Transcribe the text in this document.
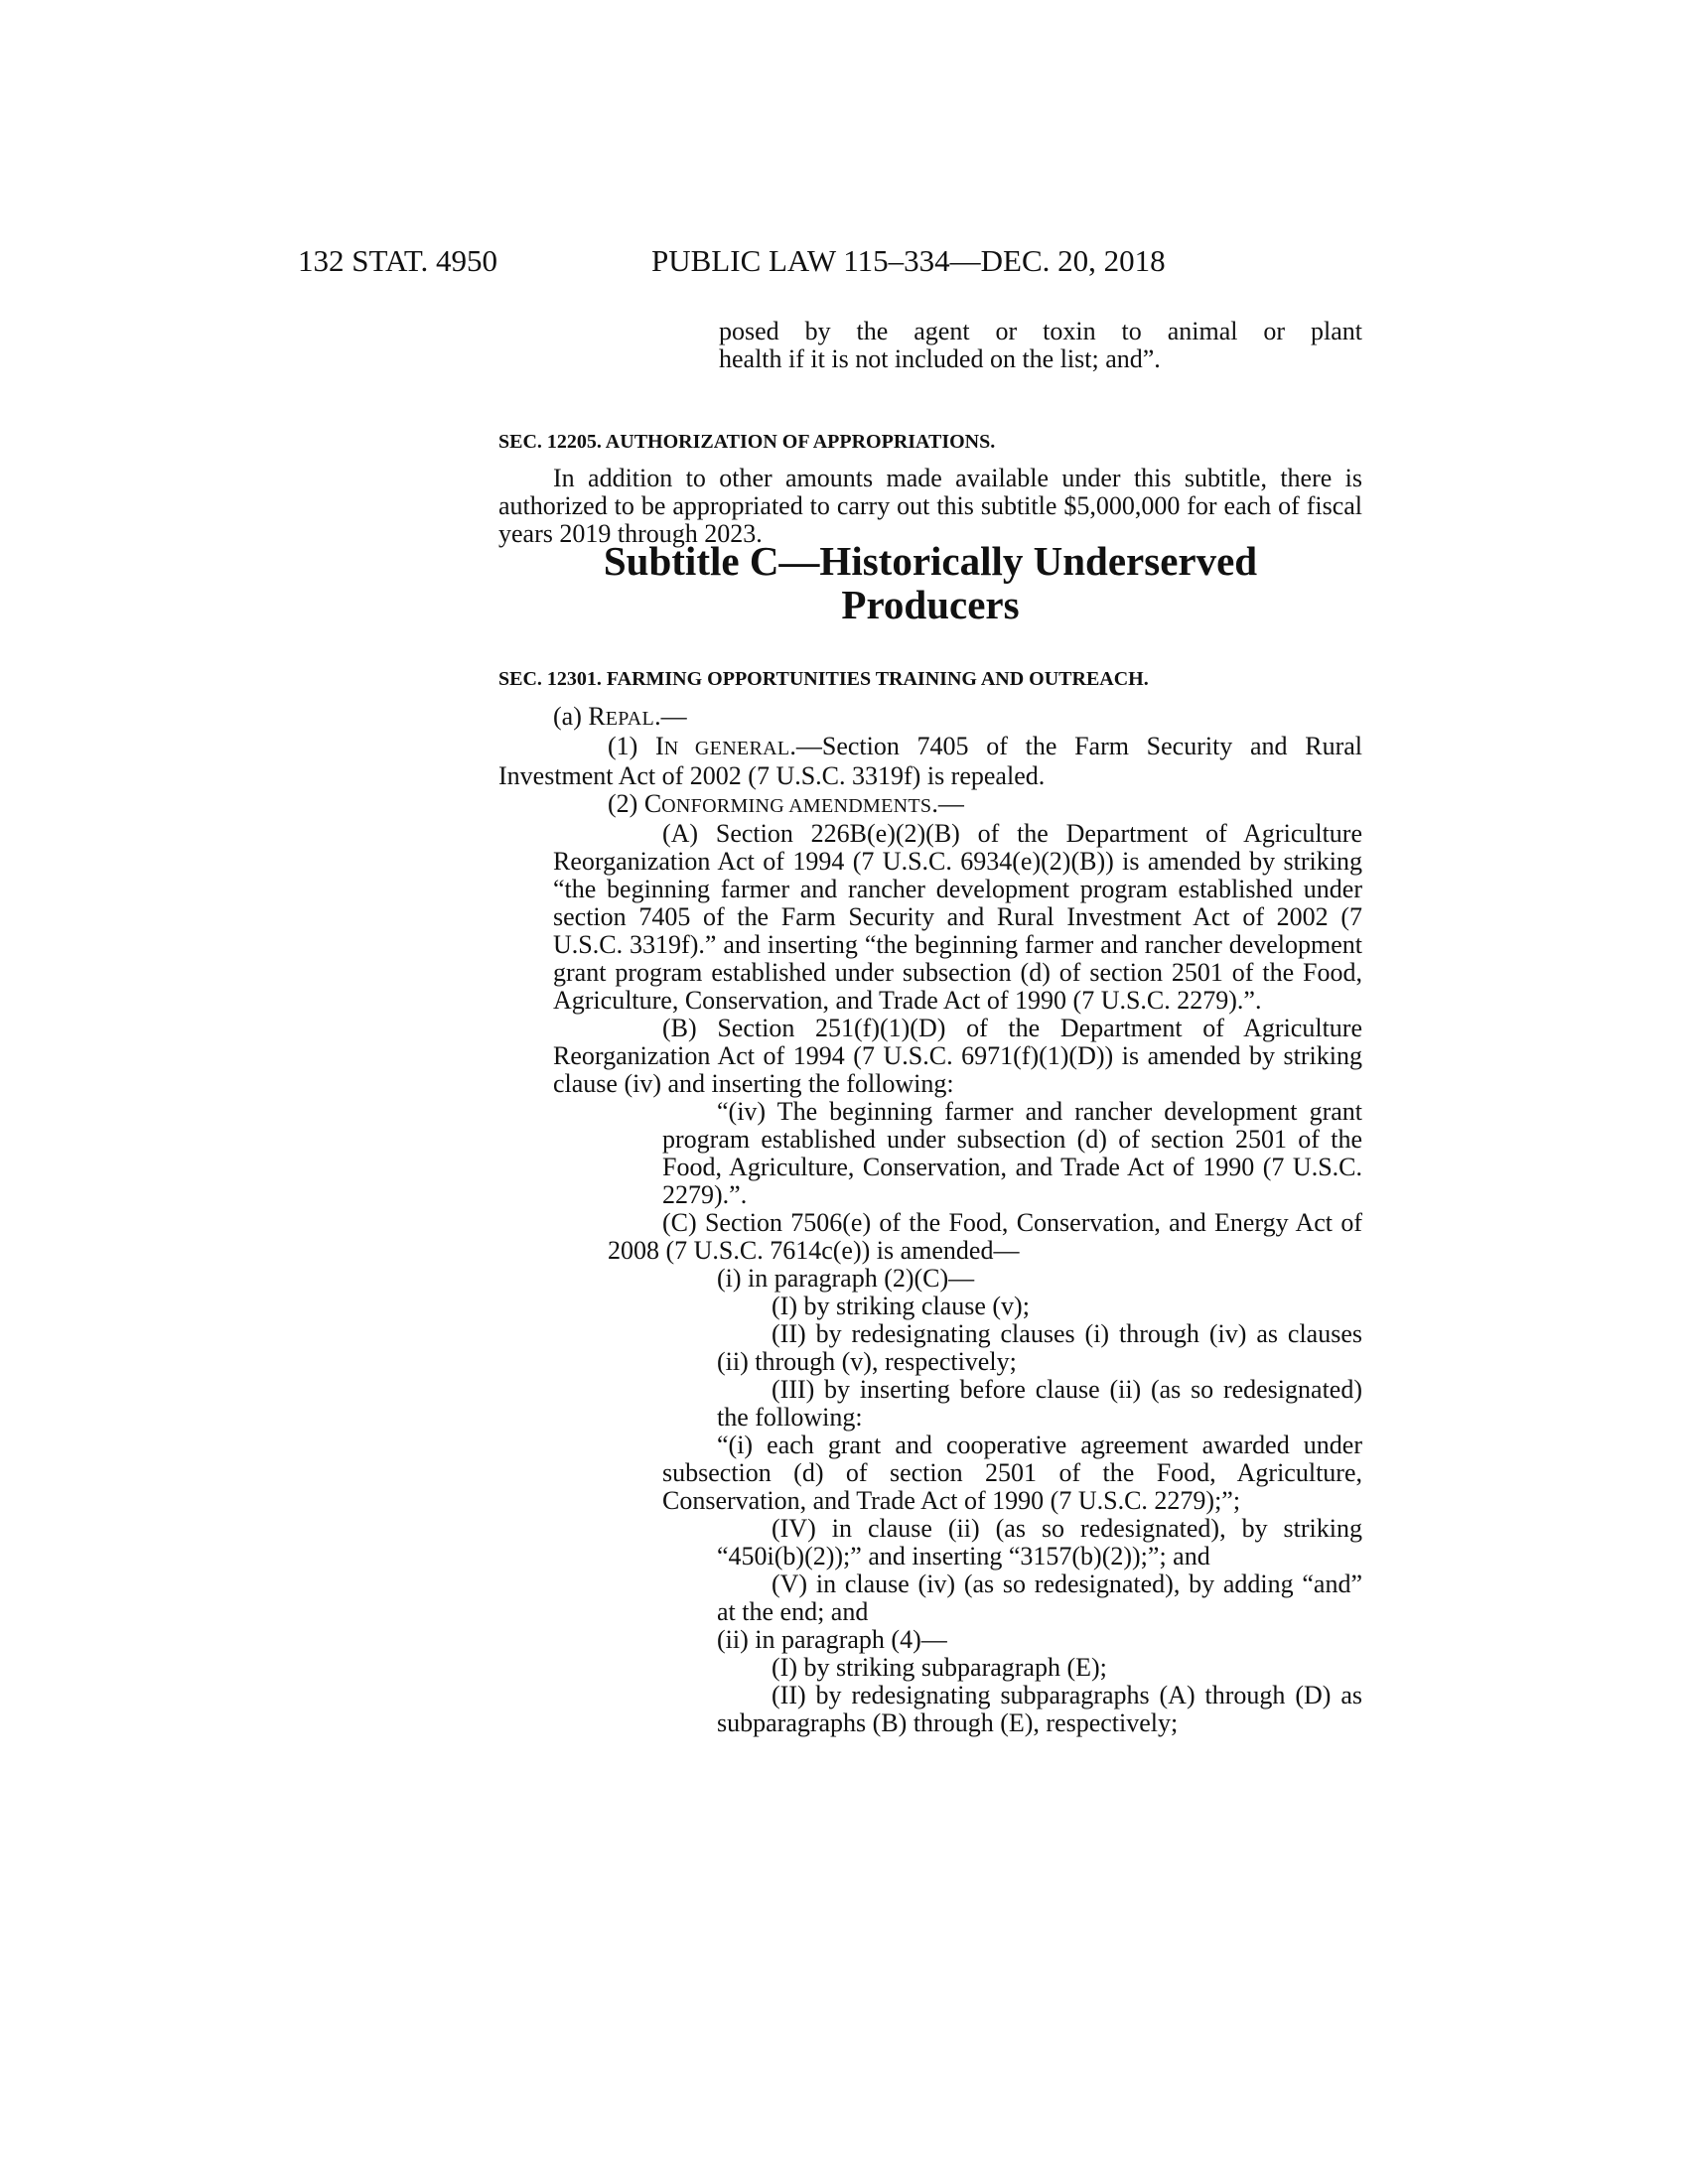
132 STAT. 4950	PUBLIC LAW 115–334—DEC. 20, 2018

posed by the agent or toxin to animal or plant

health if it is not included on the list; and”.

SEC. 12205. AUTHORIZATION OF APPROPRIATIONS.

In addition to other amounts made available under this subtitle, there is authorized to be appropriated to carry out this subtitle $5,000,000 for each of fiscal years 2019 through 2023.

Subtitle C—Historically Underserved
Producers
SEC. 12301. FARMING OPPORTUNITIES TRAINING AND OUTREACH.

(a) REPAL.—

(1) IN GENERAL.—Section 7405 of the Farm Security and Rural Investment Act of 2002 (7 U.S.C. 3319f) is repealed.

(2) CONFORMING AMENDMENTS.—

(A) Section 226B(e)(2)(B) of the Department of Agriculture Reorganization Act of 1994 (7 U.S.C. 6934(e)(2)(B)) is amended by striking “the beginning farmer and rancher development program established under section 7405 of the Farm Security and Rural Investment Act of 2002 (7 U.S.C. 3319f).” and inserting “the beginning farmer and rancher development grant program established under subsection (d) of section 2501 of the Food, Agriculture, Conservation, and Trade Act of 1990 (7 U.S.C. 2279).”.

(B) Section 251(f)(1)(D) of the Department of Agriculture Reorganization Act of 1994 (7 U.S.C. 6971(f)(1)(D)) is amended by striking clause (iv) and inserting the following:

“(iv) The beginning farmer and rancher development grant program established under subsection (d) of section 2501 of the Food, Agriculture, Conservation, and Trade Act of 1990 (7 U.S.C. 2279).”.

(C) Section 7506(e) of the Food, Conservation, and Energy Act of 2008 (7 U.S.C. 7614c(e)) is amended—

(i) in paragraph (2)(C)—

(I) by striking clause (v);

(II) by redesignating clauses (i) through (iv) as clauses (ii) through (v), respectively;

(III) by inserting before clause (ii) (as so redesignated) the following:

“(i) each grant and cooperative agreement awarded under subsection (d) of section 2501 of the Food, Agriculture, Conservation, and Trade Act of 1990 (7 U.S.C. 2279);”;

(IV) in clause (ii) (as so redesignated), by striking “450i(b)(2));” and inserting “3157(b)(2));”; and

(V) in clause (iv) (as so redesignated), by adding “and” at the end; and

(ii) in paragraph (4)—

(I) by striking subparagraph (E);

(II) by redesignating subparagraphs (A) through (D) as subparagraphs (B) through (E), respectively;
